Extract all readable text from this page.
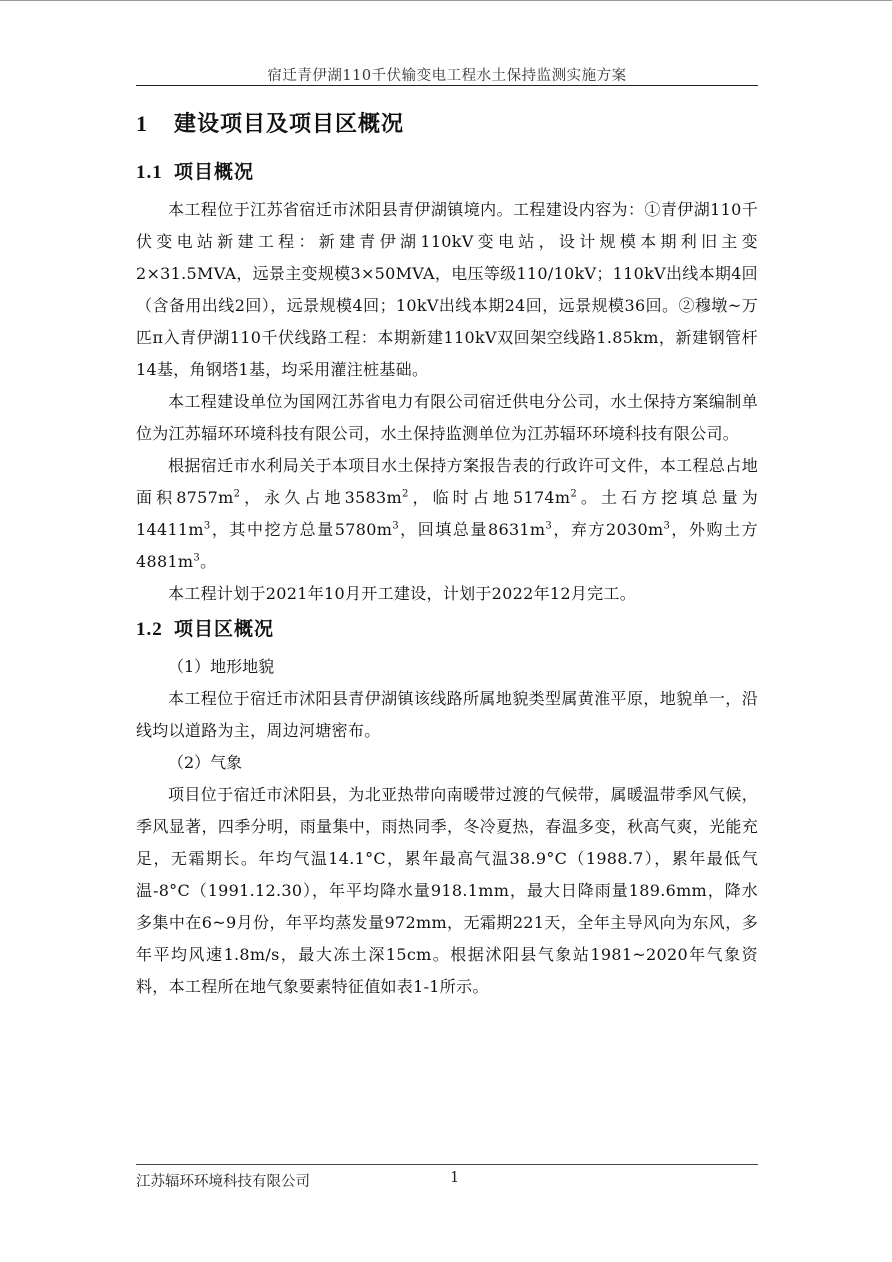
宿迁青伊湖110千伏输变电工程水土保持监测实施方案
1 建设项目及项目区概况
1.1 项目概况

本工程位于江苏省宿迁市沭阳县青伊湖镇境内。工程建设内容为：①青伊湖110千伏变电站新建工程：新建青伊湖110kV变电站，设计规模本期利旧主变2×31.5MVA，远景主变规模3×50MVA，电压等级110/10kV；110kV出线本期4回（含备用出线2回），远景规模4回；10kV出线本期24回，远景规模36回。②穆墩~万匹π入青伊湖110千伏线路工程：本期新建110kV双回架空线路1.85km，新建钢管杆14基，角钢塔1基，均采用灌注桩基础。

本工程建设单位为国网江苏省电力有限公司宿迁供电分公司，水土保持方案编制单位为江苏辐环环境科技有限公司，水土保持监测单位为江苏辐环环境科技有限公司。

根据宿迁市水利局关于本项目水土保持方案报告表的行政许可文件，本工程总占地面积$8757m^2$，永久占地$3583m^2$，临时占地$5174m^2$。土石方挖填总量为$14411m^3$，其中挖方总量$5780m^3$，回填总量$8631m^3$，弃方$2030m^3$，外购土方$4881m^3$。

本工程计划于2021年10月开工建设，计划于2022年12月完工。

1.2 项目区概况

（1）地形地貌

本工程位于宿迁市沭阳县青伊湖镇该线路所属地貌类型属黄淮平原，地貌单一，沿线均以道路为主，周边河塘密布。

（2）气象

项目位于宿迁市沭阳县，为北亚热带向南暖带过渡的气候带，属暖温带季风气候，季风显著，四季分明，雨量集中，雨热同季，冬冷夏热，春温多变，秋高气爽，光能充足，无霜期长。年均气温14.1°C，累年最高气温38.9°C（1988.7），累年最低气温-8°C（1991.12.30），年平均降水量918.1mm，最大日降雨量189.6mm，降水多集中在6~9月份，年平均蒸发量972mm，无霜期221天，全年主导风向为东风，多年平均风速1.8m/s，最大冻土深15cm。根据沭阳县气象站1981~2020年气象资料，本工程所在地气象要素特征值如表1-1所示。

江苏辐环环境科技有限公司	1
